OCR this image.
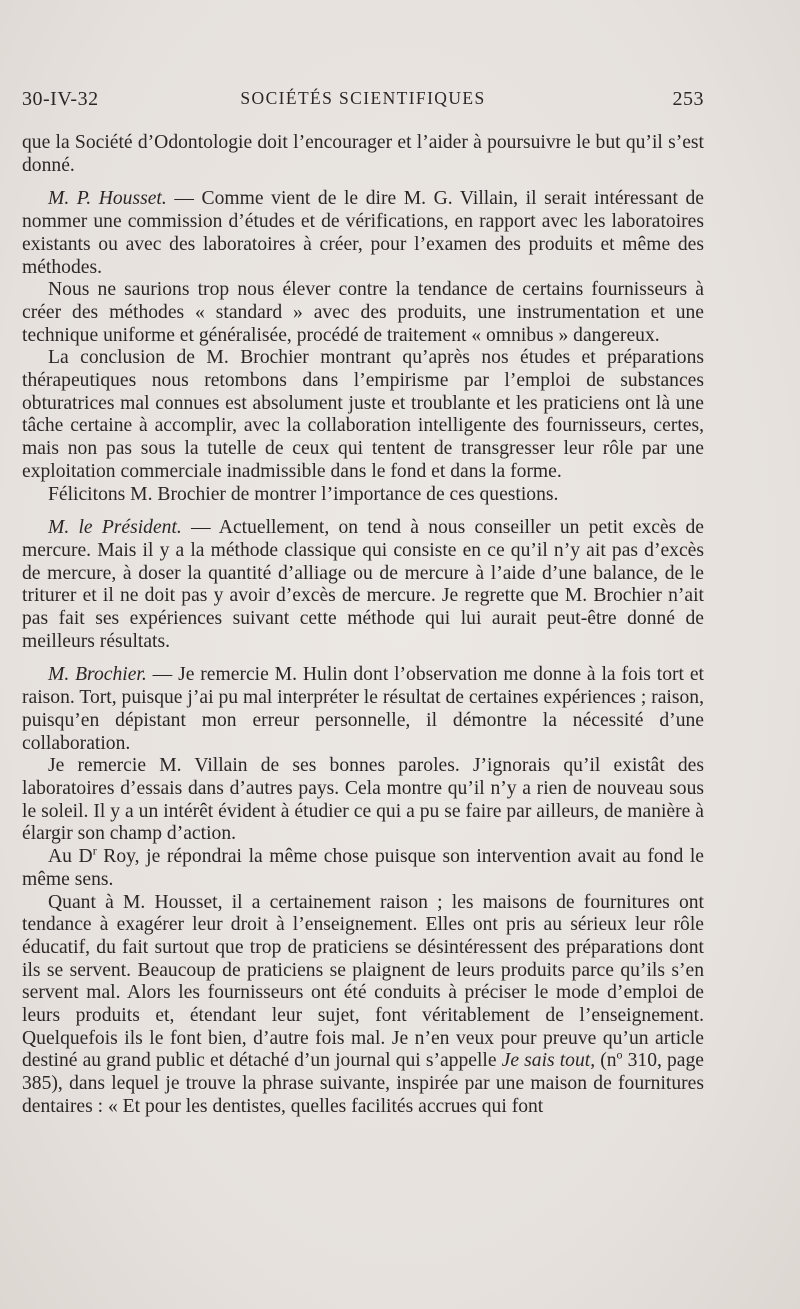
30-IV-32	SOCIÉTÉS SCIENTIFIQUES	253

que la Société d’Odontologie doit l’encourager et l’aider à poursuivre le but qu’il s’est donné.

M. P. Housset. — Comme vient de le dire M. G. Villain, il serait intéressant de nommer une commission d’études et de vérifications, en rapport avec les laboratoires existants ou avec des laboratoires à créer, pour l’examen des produits et même des méthodes.

Nous ne saurions trop nous élever contre la tendance de certains fournisseurs à créer des méthodes « standard » avec des produits, une instrumentation et une technique uniforme et généralisée, procédé de traitement « omnibus » dangereux.

La conclusion de M. Brochier montrant qu’après nos études et préparations thérapeutiques nous retombons dans l’empirisme par l’emploi de substances obturatrices mal connues est absolument juste et troublante et les praticiens ont là une tâche certaine à accomplir, avec la collaboration intelligente des fournisseurs, certes, mais non pas sous la tutelle de ceux qui tentent de transgresser leur rôle par une exploitation commerciale inadmissible dans le fond et dans la forme.

Félicitons M. Brochier de montrer l’importance de ces questions.

M. le Président. — Actuellement, on tend à nous conseiller un petit excès de mercure. Mais il y a la méthode classique qui consiste en ce qu’il n’y ait pas d’excès de mercure, à doser la quantité d’alliage ou de mercure à l’aide d’une balance, de le triturer et il ne doit pas y avoir d’excès de mercure. Je regrette que M. Brochier n’ait pas fait ses expériences suivant cette méthode qui lui aurait peut-être donné de meilleurs résultats.

M. Brochier. — Je remercie M. Hulin dont l’observation me donne à la fois tort et raison. Tort, puisque j’ai pu mal interpréter le résultat de certaines expériences ; raison, puisqu’en dépistant mon erreur personnelle, il démontre la nécessité d’une collaboration.

Je remercie M. Villain de ses bonnes paroles. J’ignorais qu’il existât des laboratoires d’essais dans d’autres pays. Cela montre qu’il n’y a rien de nouveau sous le soleil. Il y a un intérêt évident à étudier ce qui a pu se faire par ailleurs, de manière à élargir son champ d’action.

Au $D^r$ Roy, je répondrai la même chose puisque son intervention avait au fond le même sens.

Quant à M. Housset, il a certainement raison ; les maisons de fournitures ont tendance à exagérer leur droit à l’enseignement. Elles ont pris au sérieux leur rôle éducatif, du fait surtout que trop de praticiens se désintéressent des préparations dont ils se servent. Beaucoup de praticiens se plaignent de leurs produits parce qu’ils s’en servent mal. Alors les fournisseurs ont été conduits à préciser le mode d’emploi de leurs produits et, étendant leur sujet, font véritablement de l’enseignement. Quelquefois ils le font bien, d’autre fois mal. Je n’en veux pour preuve qu’un article destiné au grand public et détaché d’un journal qui s’appelle Je sais tout, ($n^o$ 310, page 385), dans lequel je trouve la phrase suivante, inspirée par une maison de fournitures dentaires : « Et pour les dentistes, quelles facilités accrues qui font
